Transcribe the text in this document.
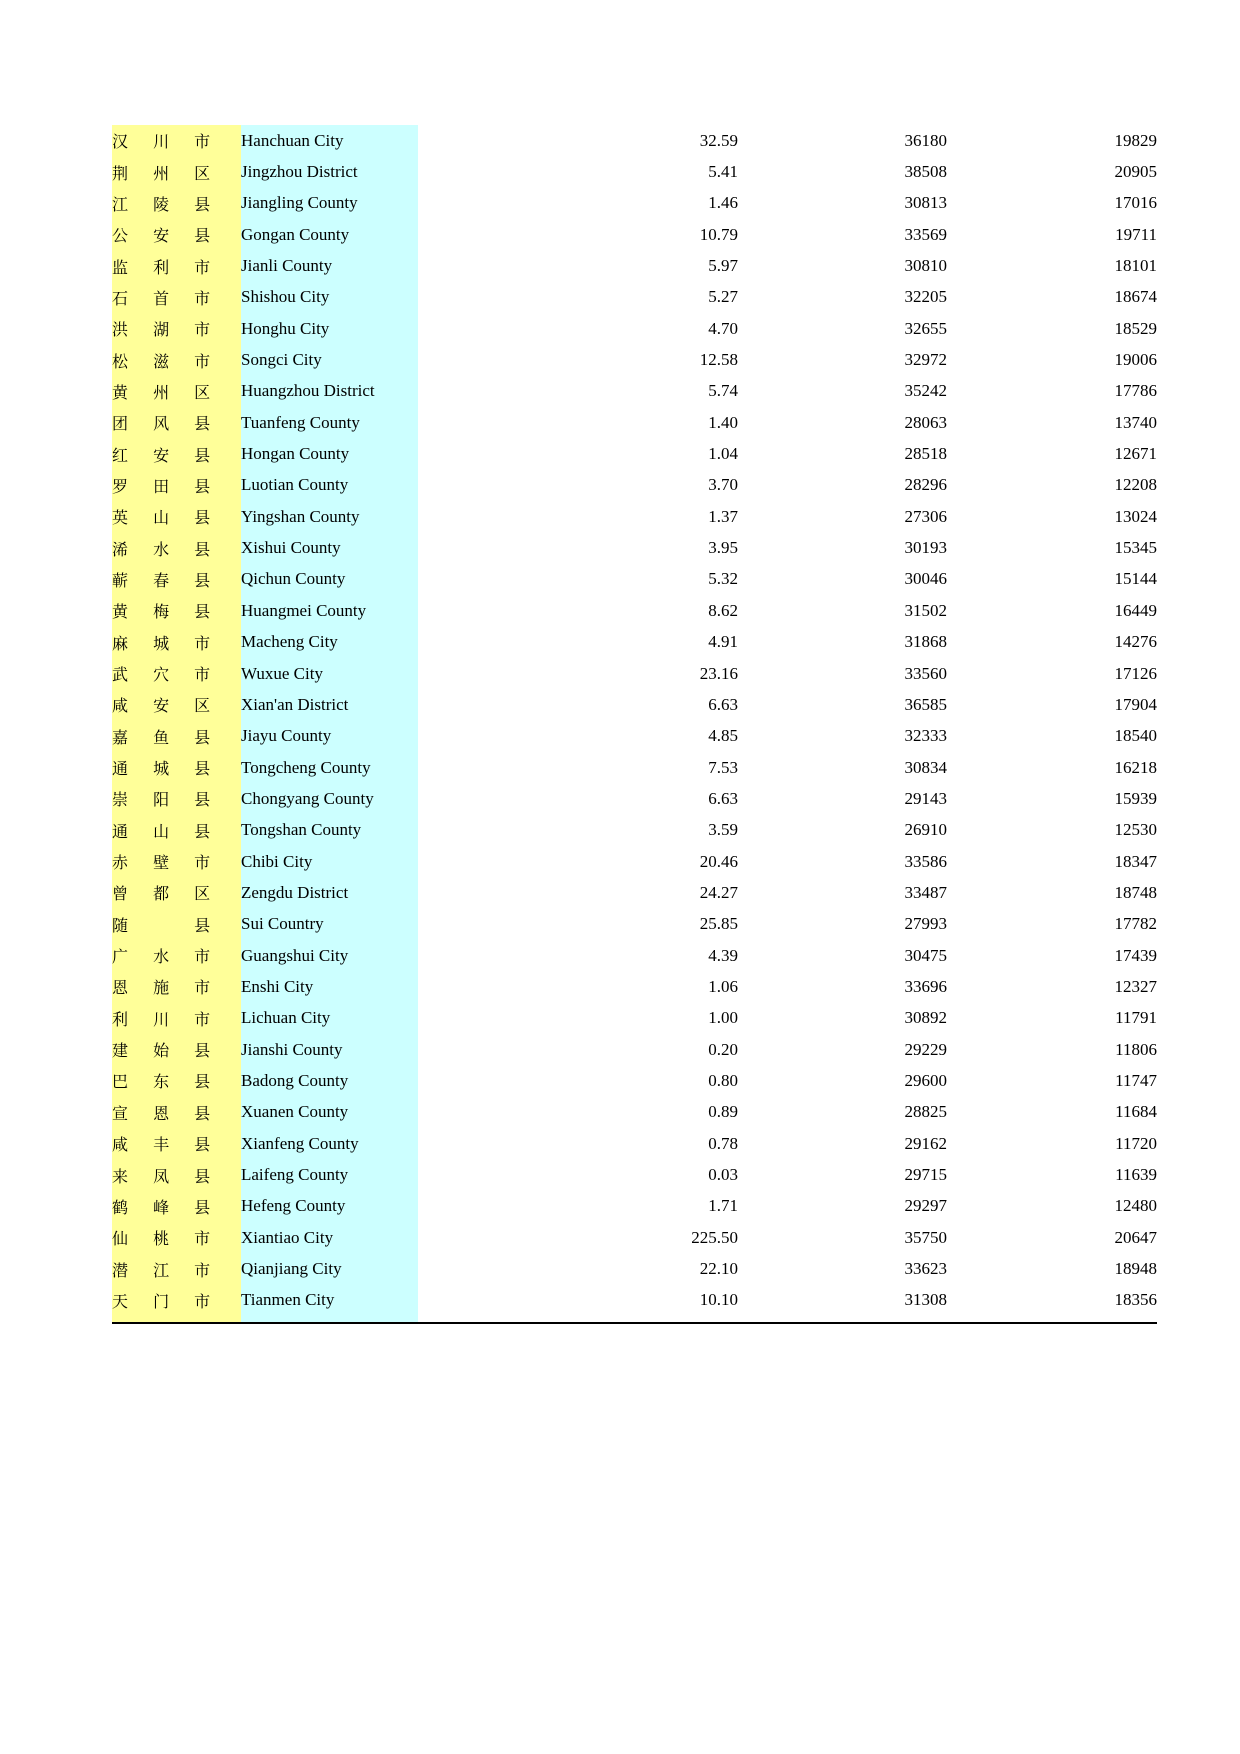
汉 川 市	Hanchuan City	32.59	36180	19829
荆 州 区	Jingzhou District	5.41	38508	20905
江 陵 县	Jiangling County	1.46	30813	17016
公 安 县	Gongan County	10.79	33569	19711
监 利 市	Jianli County	5.97	30810	18101
石 首 市	Shishou City	5.27	32205	18674
洪 湖 市	Honghu City	4.70	32655	18529
松 滋 市	Songci City	12.58	32972	19006
黄 州 区	Huangzhou District	5.74	35242	17786
团 风 县	Tuanfeng County	1.40	28063	13740
红 安 县	Hongan County	1.04	28518	12671
罗 田 县	Luotian County	3.70	28296	12208
英 山 县	Yingshan County	1.37	27306	13024
浠 水 县	Xishui County	3.95	30193	15345
蕲 春 县	Qichun County	5.32	30046	15144
黄 梅 县	Huangmei County	8.62	31502	16449
麻 城 市	Macheng City	4.91	31868	14276
武 穴 市	Wuxue City	23.16	33560	17126
咸 安 区	Xian'an District	6.63	36585	17904
嘉 鱼 县	Jiayu County	4.85	32333	18540
通 城 县	Tongcheng County	7.53	30834	16218
崇 阳 县	Chongyang County	6.63	29143	15939
通 山 县	Tongshan County	3.59	26910	12530
赤 壁 市	Chibi City	20.46	33586	18347
曾 都 区	Zengdu District	24.27	33487	18748
随 　 县	Sui Country	25.85	27993	17782
广 水 市	Guangshui City	4.39	30475	17439
恩 施 市	Enshi City	1.06	33696	12327
利 川 市	Lichuan City	1.00	30892	11791
建 始 县	Jianshi County	0.20	29229	11806
巴 东 县	Badong County	0.80	29600	11747
宣 恩 县	Xuanen County	0.89	28825	11684
咸 丰 县	Xianfeng County	0.78	29162	11720
来 凤 县	Laifeng County	0.03	29715	11639
鹤 峰 县	Hefeng County	1.71	29297	12480
仙 桃 市	Xiantiao City	225.50	35750	20647
潜 江 市	Qianjiang City	22.10	33623	18948
天 门 市	Tianmen City	10.10	31308	18356
